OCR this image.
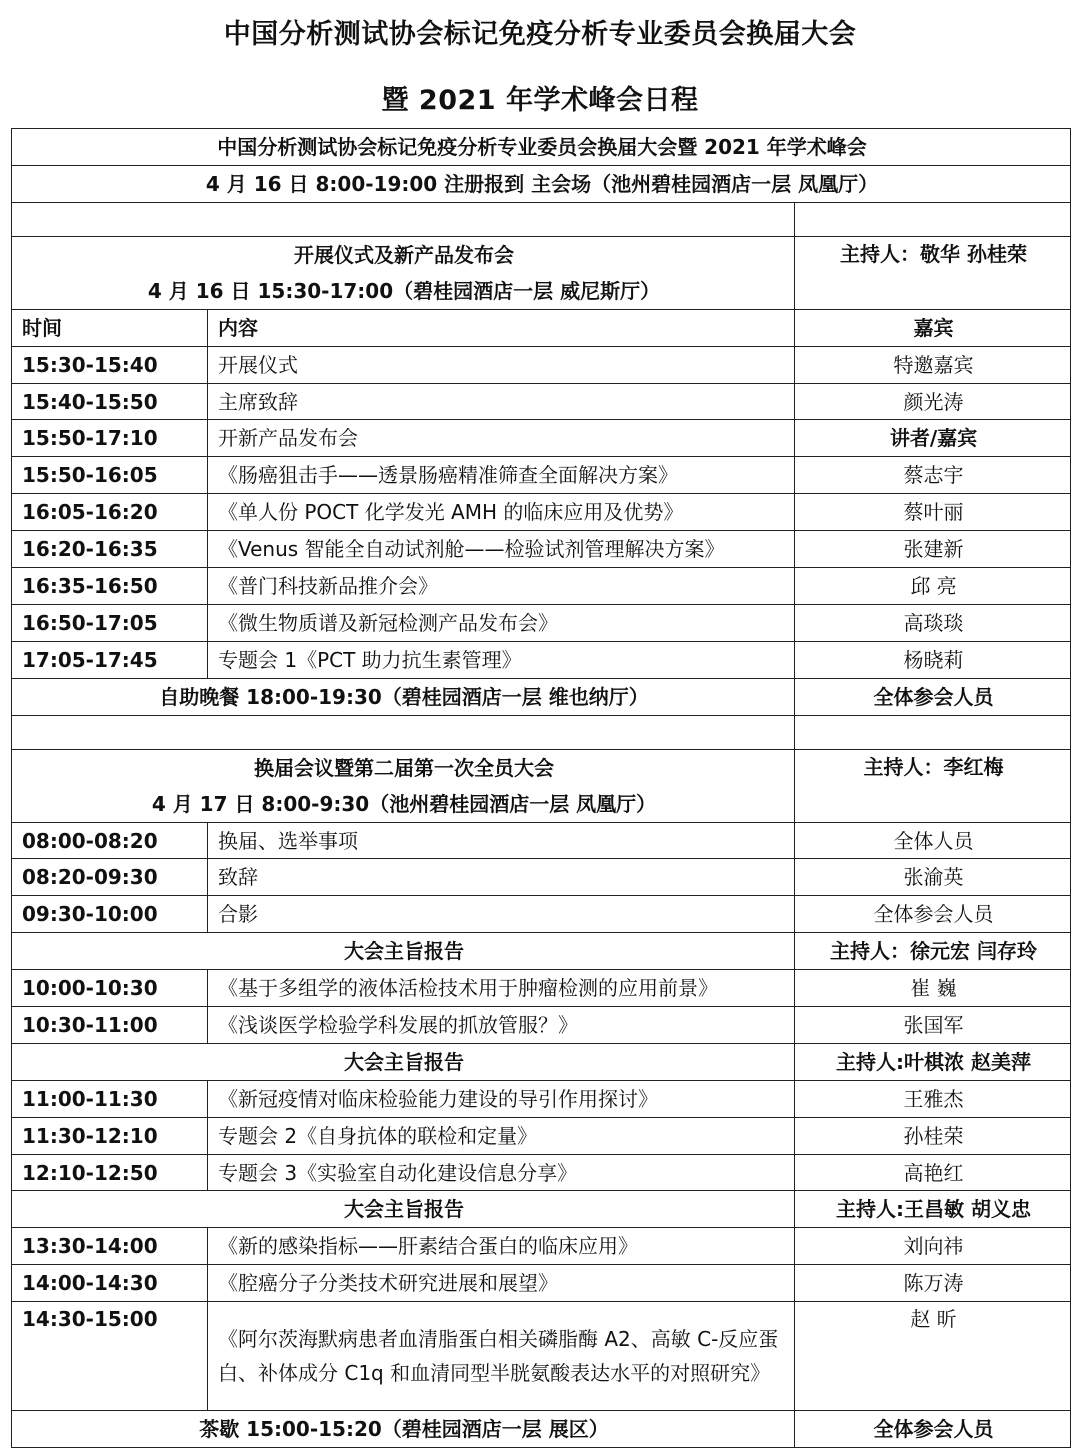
中国分析测试协会标记免疫分析专业委员会换届大会
暨 2021 年学术峰会日程
中国分析测试协会标记免疫分析专业委员会换届大会暨 2021 年学术峰会		
4 月 16 日 8:00-19:00 注册报到 主会场（池州碧桂园酒店一层 凤凰厅）		

开展仪式及新产品发布会
4 月 16 日 15:30-17:00（碧桂园酒店一层 威尼斯厅）		主持人：敬华 孙桂荣
时间	内容	嘉宾
15:30-15:40	开展仪式	特邀嘉宾
15:40-15:50	主席致辞	颜光涛
15:50-17:10	开新产品发布会	讲者/嘉宾
15:50-16:05	《肠癌狙击手——透景肠癌精准筛查全面解决方案》	蔡志宇
16:05-16:20	《单人份 POCT 化学发光 AMH 的临床应用及优势》	蔡叶丽
16:20-16:35	《Venus 智能全自动试剂舱——检验试剂管理解决方案》	张建新
16:35-16:50	《普门科技新品推介会》	邱 亮
16:50-17:05	《微生物质谱及新冠检测产品发布会》	高琰琰
17:05-17:45	专题会 1《PCT 助力抗生素管理》	杨晓莉
自助晚餐 18:00-19:30（碧桂园酒店一层 维也纳厅）		全体参会人员

换届会议暨第二届第一次全员大会
4 月 17 日 8:00-9:30（池州碧桂园酒店一层 凤凰厅）		主持人：李红梅
08:00-08:20	换届、选举事项	全体人员
08:20-09:30	致辞	张渝英
09:30-10:00	合影	全体参会人员
大会主旨报告		主持人：徐元宏 闫存玲
10:00-10:30	《基于多组学的液体活检技术用于肿瘤检测的应用前景》	崔 巍
10:30-11:00	《浅谈医学检验学科发展的抓放管服？》	张国军
大会主旨报告		主持人:叶棋浓 赵美萍
11:00-11:30	《新冠疫情对临床检验能力建设的导引作用探讨》	王雅杰
11:30-12:10	专题会 2《自身抗体的联检和定量》	孙桂荣
12:10-12:50	专题会 3《实验室自动化建设信息分享》	高艳红
大会主旨报告		主持人:王昌敏 胡义忠
13:30-14:00	《新的感染指标——肝素结合蛋白的临床应用》	刘向祎
14:00-14:30	《腔癌分子分类技术研究进展和展望》	陈万涛
14:30-15:00	《阿尔茨海默病患者血清脂蛋白相关磷脂酶 A2、高敏 C-反应蛋白、补体成分 C1q 和血清同型半胱氨酸表达水平的对照研究》	赵 昕
茶歇 15:00-15:20（碧桂园酒店一层 展区）		全体参会人员
